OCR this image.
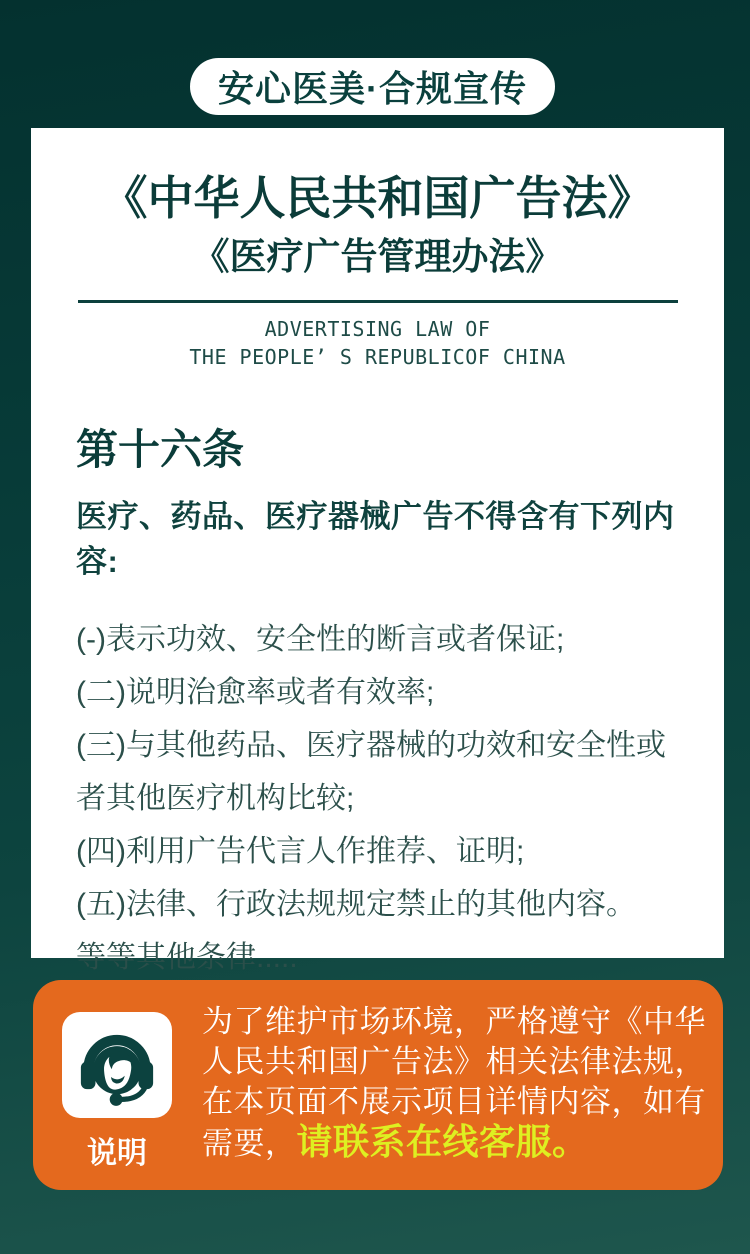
安心医美·合规宣传
《中华人民共和国广告法》
《医疗广告管理办法》
ADVERTISING LAW OF
THE PEOPLE’ S REPUBLICOF CHINA
第十六条
医疗、药品、医疗器械广告不得含有下列内容:
(-)表示功效、安全性的断言或者保证;
(二)说明治愈率或者有效率;
(三)与其他药品、医疗器械的功效和安全性或者其他医疗机构比较;
(四)利用广告代言人作推荐、证明;
(五)法律、行政法规规定禁止的其他内容。
等等其他条律.....
说明
为了维护市场环境，严格遵守《中华人民共和国广告法》相关法律法规，在本页面不展示项目详情内容，如有需要，请联系在线客服。
